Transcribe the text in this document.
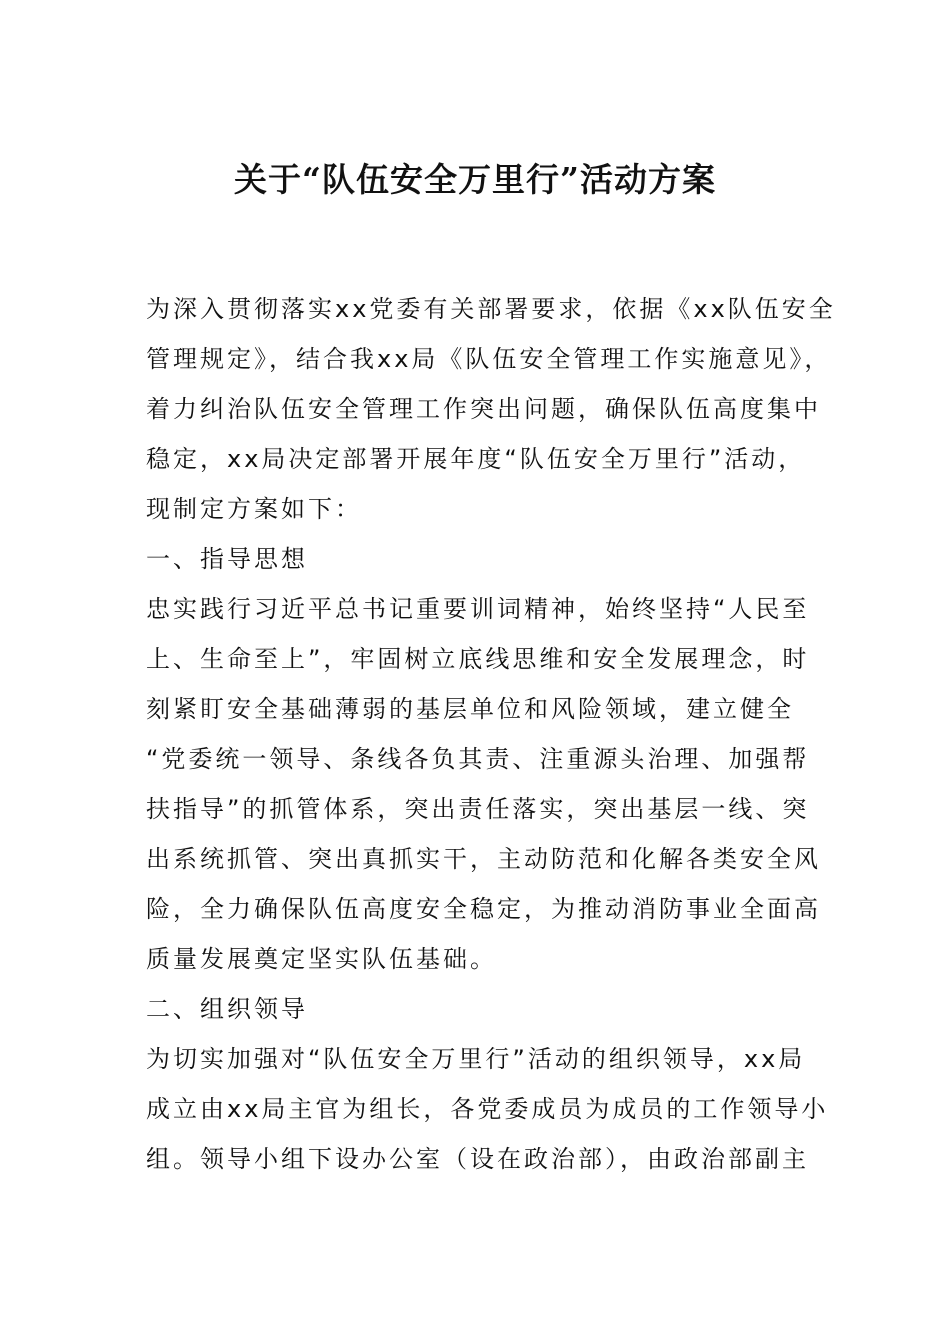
关于“队伍安全万里行”活动方案

为深入贯彻落实xx党委有关部署要求，依据《xx队伍安全

管理规定》，结合我xx局《队伍安全管理工作实施意见》，

着力纠治队伍安全管理工作突出问题，确保队伍高度集中

稳定，xx局决定部署开展年度“队伍安全万里行”活动，

现制定方案如下：

一、指导思想

忠实践行习近平总书记重要训词精神，始终坚持“人民至

上、生命至上”，牢固树立底线思维和安全发展理念，时

刻紧盯安全基础薄弱的基层单位和风险领域，建立健全

“党委统一领导、条线各负其责、注重源头治理、加强帮

扶指导”的抓管体系，突出责任落实，突出基层一线、突

出系统抓管、突出真抓实干，主动防范和化解各类安全风

险，全力确保队伍高度安全稳定，为推动消防事业全面高

质量发展奠定坚实队伍基础。

二、组织领导

为切实加强对“队伍安全万里行”活动的组织领导，xx局

成立由xx局主官为组长，各党委成员为成员的工作领导小

组。领导小组下设办公室（设在政治部），由政治部副主
